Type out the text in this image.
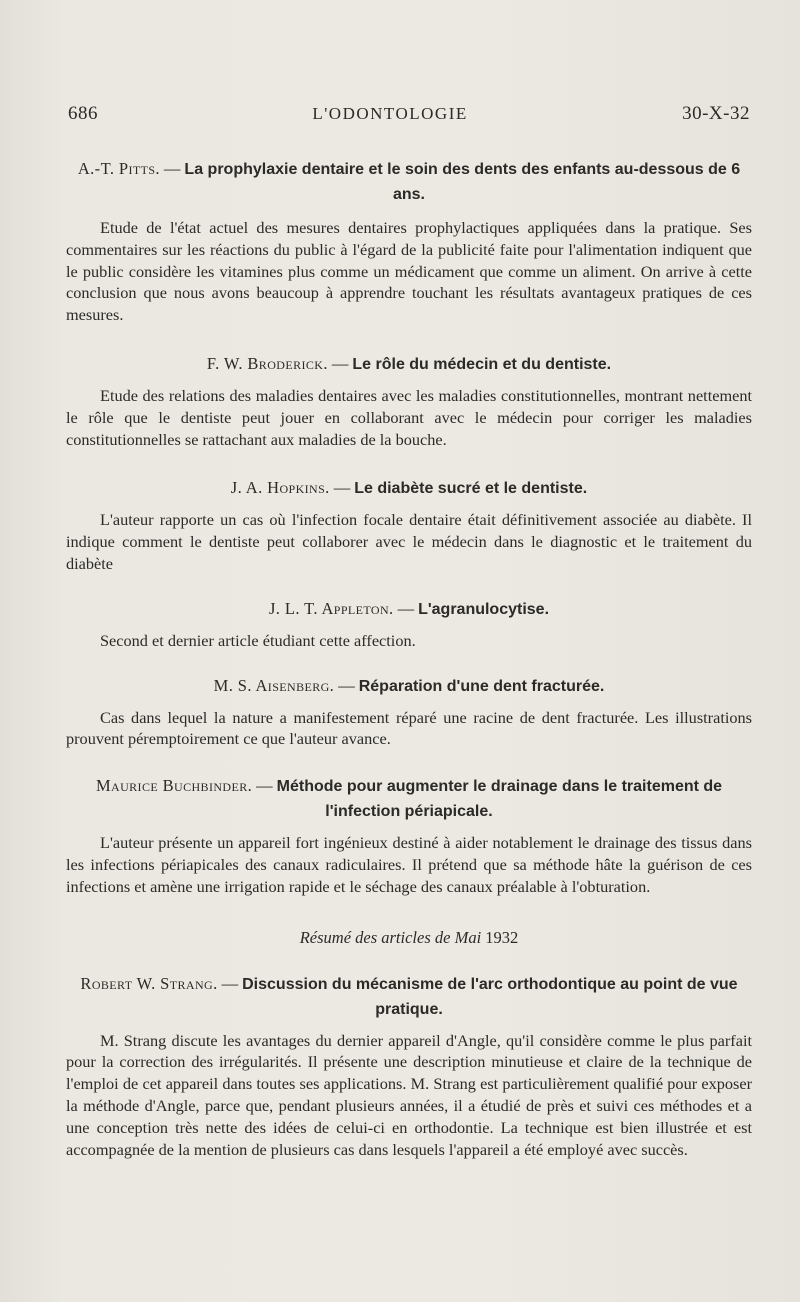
686	L'ODONTOLOGIE	30-X-32
A.-T. Pitts. — La prophylaxie dentaire et le soin des dents des enfants au-dessous de 6 ans.

Etude de l'état actuel des mesures dentaires prophylactiques appliquées dans la pratique. Ses commentaires sur les réactions du public à l'égard de la publicité faite pour l'alimentation indiquent que le public considère les vitamines plus comme un médicament que comme un aliment. On arrive à cette conclusion que nous avons beaucoup à apprendre touchant les résultats avantageux pratiques de ces mesures.

F. W. Broderick. — Le rôle du médecin et du dentiste.

Etude des relations des maladies dentaires avec les maladies constitutionnelles, montrant nettement le rôle que le dentiste peut jouer en collaborant avec le médecin pour corriger les maladies constitutionnelles se rattachant aux maladies de la bouche.

J. A. Hopkins. — Le diabète sucré et le dentiste.

L'auteur rapporte un cas où l'infection focale dentaire était définitivement associée au diabète. Il indique comment le dentiste peut collaborer avec le médecin dans le diagnostic et le traitement du diabète

J. L. T. Appleton. — L'agranulocytise.

Second et dernier article étudiant cette affection.

M. S. Aisenberg. — Réparation d'une dent fracturée.

Cas dans lequel la nature a manifestement réparé une racine de dent fracturée. Les illustrations prouvent péremptoirement ce que l'auteur avance.

Maurice Buchbinder. — Méthode pour augmenter le drainage dans le traitement de l'infection périapicale.

L'auteur présente un appareil fort ingénieux destiné à aider notablement le drainage des tissus dans les infections périapicales des canaux radiculaires. Il prétend que sa méthode hâte la guérison de ces infections et amène une irrigation rapide et le séchage des canaux préalable à l'obturation.

Résumé des articles de Mai 1932

Robert W. Strang. — Discussion du mécanisme de l'arc orthodontique au point de vue pratique.

M. Strang discute les avantages du dernier appareil d'Angle, qu'il considère comme le plus parfait pour la correction des irrégularités. Il présente une description minutieuse et claire de la technique de l'emploi de cet appareil dans toutes ses applications. M. Strang est particulièrement qualifié pour exposer la méthode d'Angle, parce que, pendant plusieurs années, il a étudié de près et suivi ces méthodes et a une conception très nette des idées de celui-ci en orthodontie. La technique est bien illustrée et est accompagnée de la mention de plusieurs cas dans lesquels l'appareil a été employé avec succès.
